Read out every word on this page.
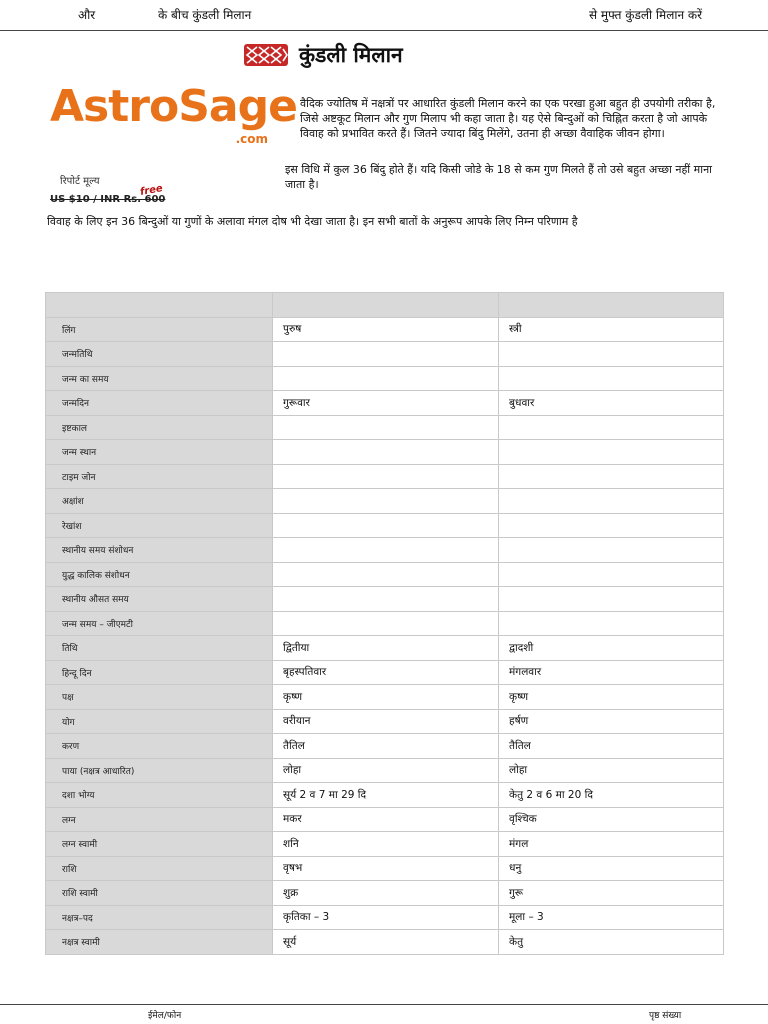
और	के बीच कुंडली मिलान	से मुफ्त कुंडली मिलान करें
कुंडली मिलान
AstroSage
.com
रिपोर्ट मूल्य
US $10 / INR Rs. 600
free
वैदिक ज्योतिष में नक्षत्रों पर आधारित कुंडली मिलान करने का एक परखा हुआ बहुत ही उपयोगी तरीका है, जिसे अष्टकूट मिलान और गुण मिलाप भी कहा जाता है। यह ऐसे बिन्दुओं को चिह्नित करता है जो आपके विवाह को प्रभावित करते हैं। जितने ज्यादा बिंदु मिलेंगे, उतना ही अच्छा वैवाहिक जीवन होगा।
इस विधि में कुल 36 बिंदु होते हैं। यदि किसी जोडे के 18 से कम गुण मिलते हैं तो उसे बहुत अच्छा नहीं माना जाता है।
विवाह के लिए इन 36 बिन्दुओं या गुणों के अलावा मंगल दोष भी देखा जाता है। इन सभी बातों के अनुरूप आपके लिए निम्न परिणाम है

लिंग	पुरुष	स्त्री
जन्मतिथि		
जन्म का समय		
जन्मदिन	गुरूवार	बुधवार
इष्टकाल		
जन्म स्थान		
टाइम जोन		
अक्षांश		
रेखांश		
स्थानीय समय संशोधन		
युद्ध कालिक संशोधन		
स्थानीय औसत समय		
जन्म समय – जीएमटी		
तिथि	द्वितीया	द्वादशी
हिन्दू दिन	बृहस्पतिवार	मंगलवार
पक्ष	कृष्ण	कृष्ण
योग	वरीयान	हर्षण
करण	तैतिल	तैतिल
पाया (नक्षत्र आधारित)	लोहा	लोहा
दशा भोग्य	सूर्य 2 व 7 मा 29 दि	केतु 2 व 6 मा 20 दि
लग्न	मकर	वृश्चिक
लग्न स्वामी	शनि	मंगल
राशि	वृषभ	धनु
राशि स्वामी	शुक्र	गुरू
नक्षत्र–पद	कृतिका – 3	मूला – 3
नक्षत्र स्वामी	सूर्य	केतु
ईमेल/फोन	पृष्ठ संख्या
